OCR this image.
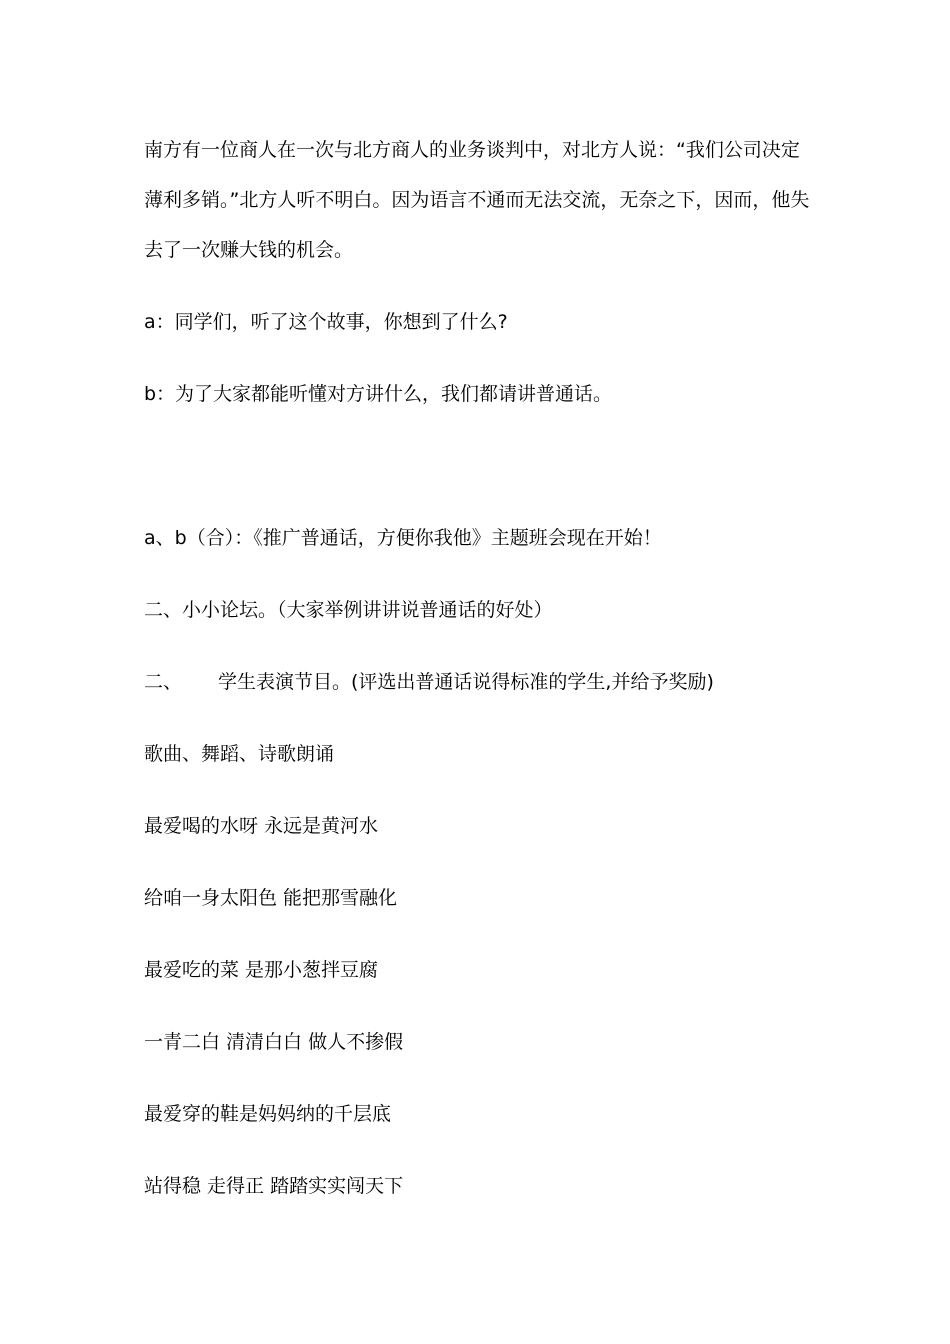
南方有一位商人在一次与北方商人的业务谈判中，对北方人说：“我们公司决定薄利多销。”北方人听不明白。因为语言不通而无法交流，无奈之下，因而，他失去了一次赚大钱的机会。

a：同学们，听了这个故事，你想到了什么?

b：为了大家都能听懂对方讲什么，我们都请讲普通话。

a、b（合）：《推广普通话，方便你我他》主题班会现在开始！

二、小小论坛。（大家举例讲讲说普通话的好处）

二、 学生表演节目。(评选出普通话说得标准的学生,并给予奖励)

歌曲、舞蹈、诗歌朗诵

最爱喝的水呀 永远是黄河水

给咱一身太阳色 能把那雪融化

最爱吃的菜 是那小葱拌豆腐

一青二白 清清白白 做人不掺假

最爱穿的鞋是妈妈纳的千层底

站得稳 走得正 踏踏实实闯天下
